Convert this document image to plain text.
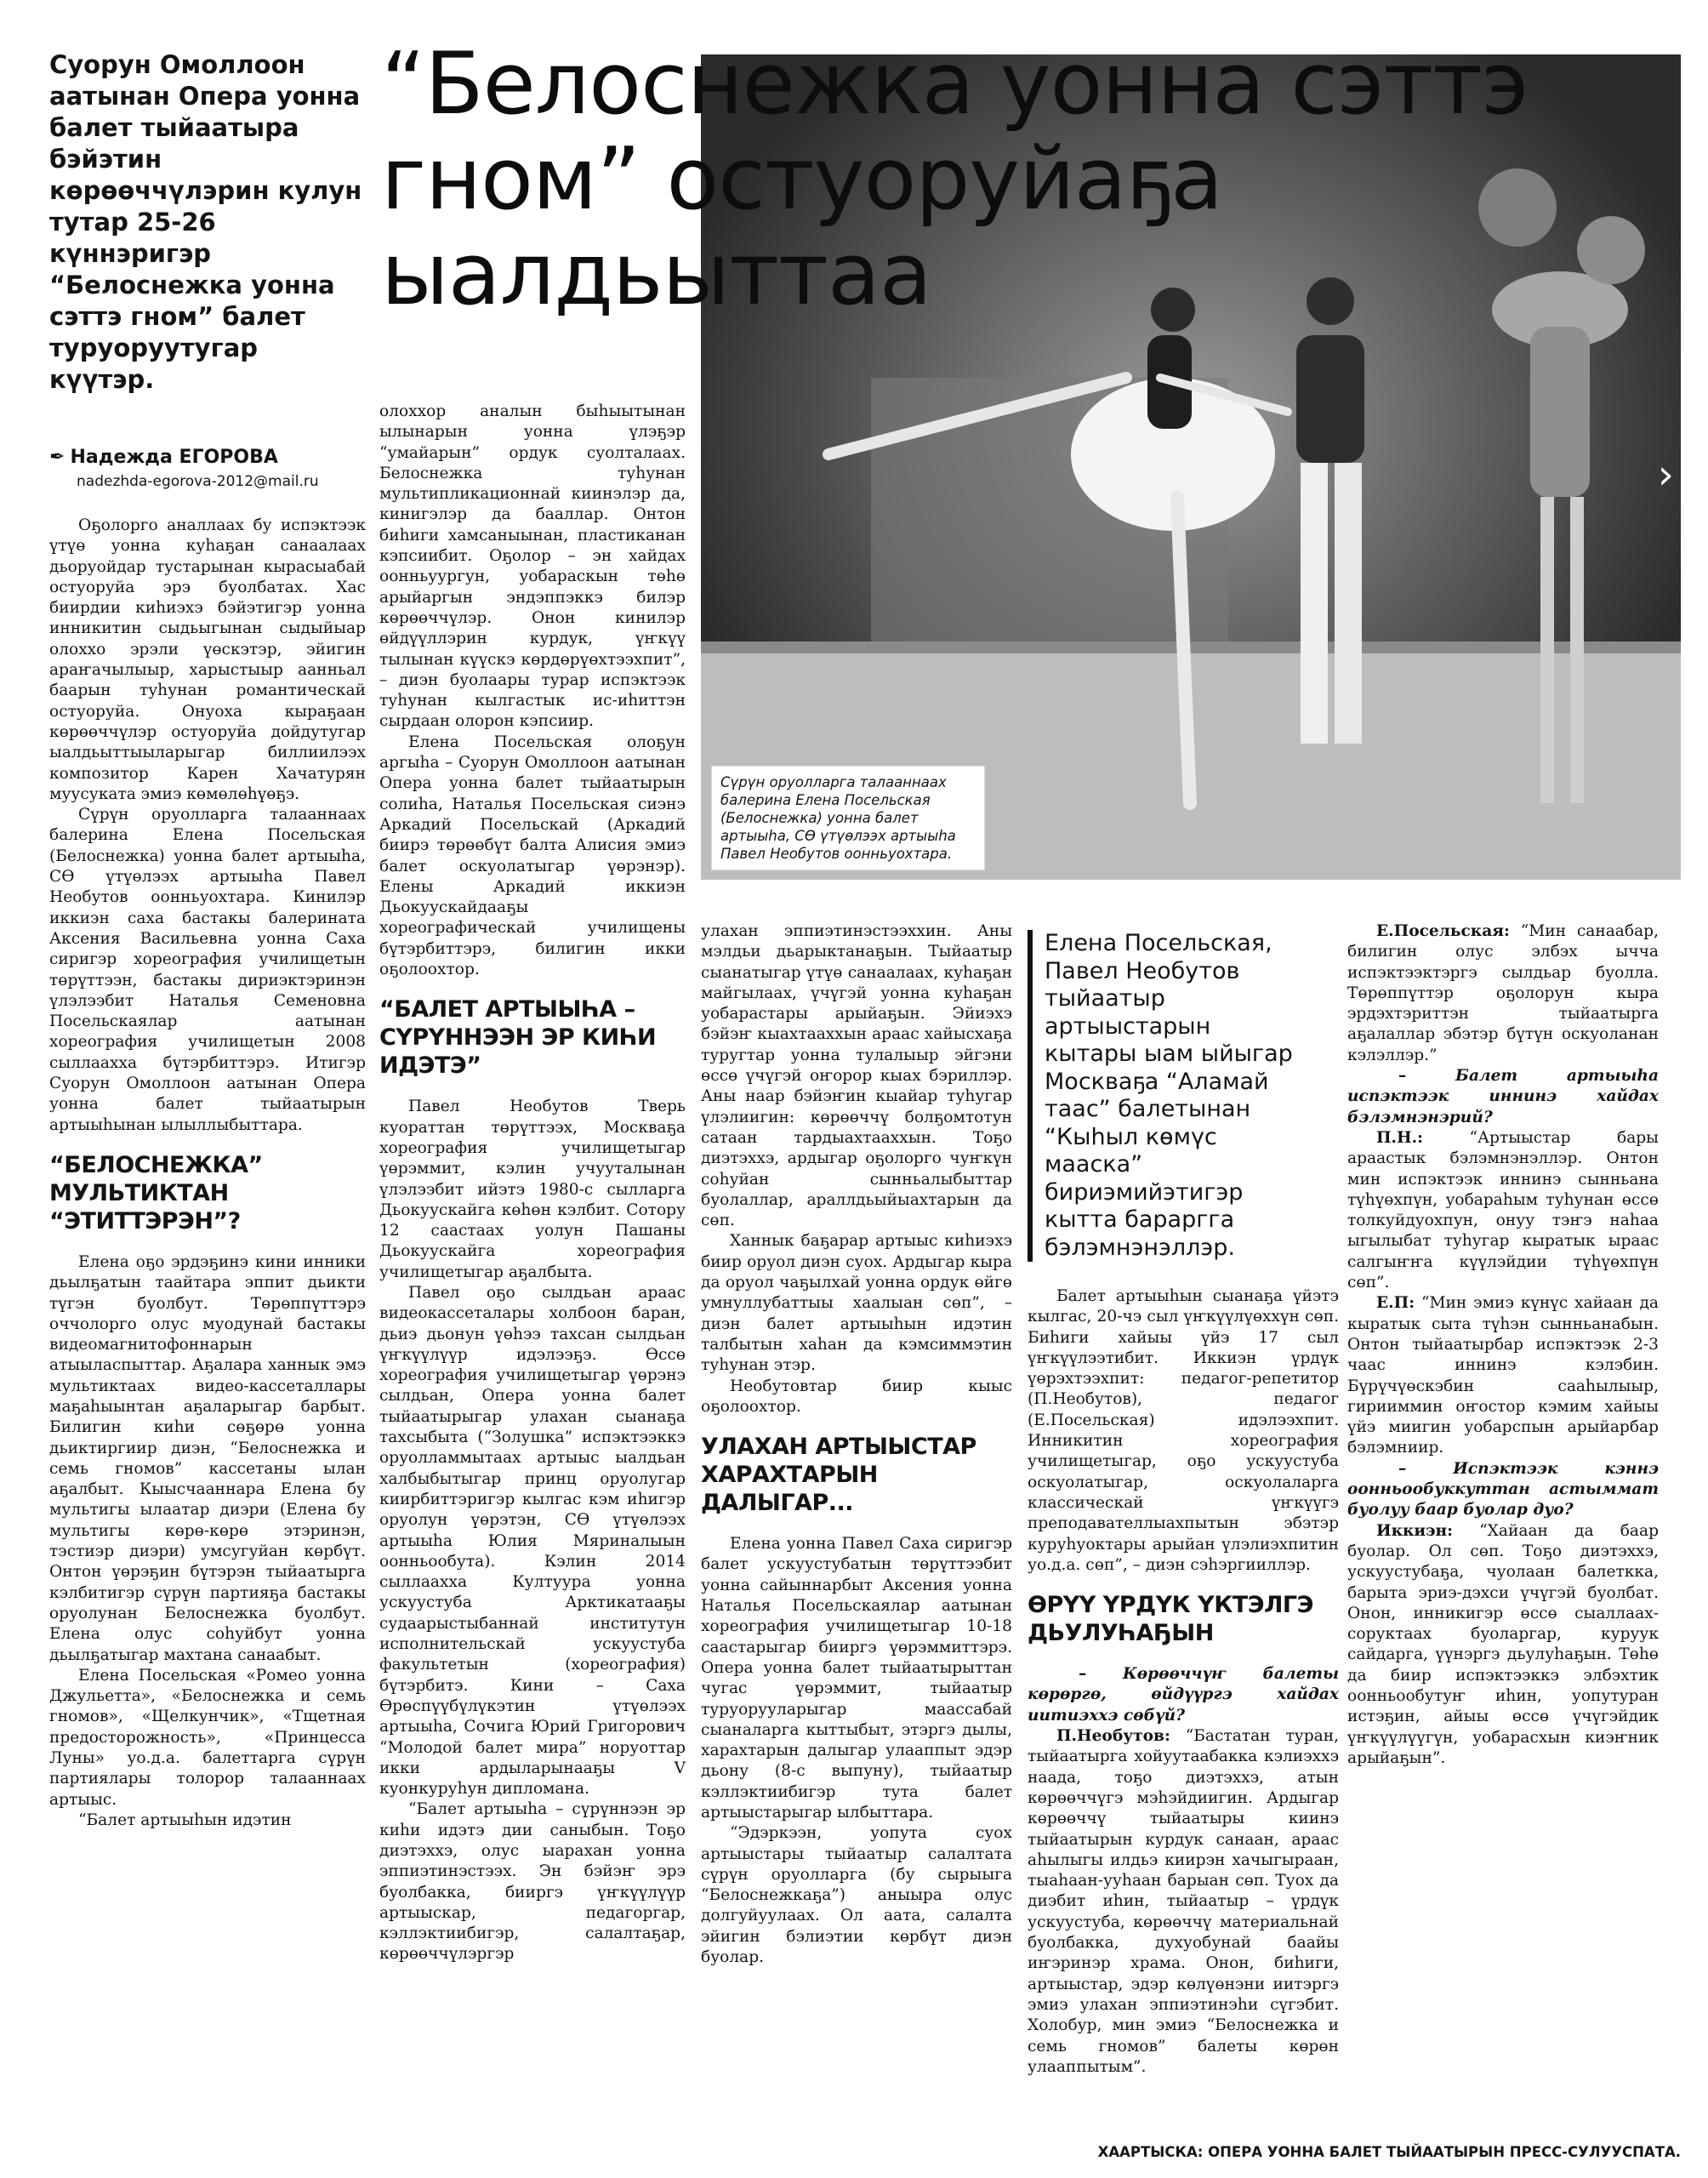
›
“Белоснежка уонна сэттэ гном” остуоруйаҕа ыалдьыттаа
Суорун Омоллоон аатынан Опера уонна балет тыйаатыра бэйэтин көрөөччүлэрин кулун тутар 25-26 күннэригэр “Белоснежка уонна сэттэ гном” балет туруоруутугар күүтэр.
✒ Надежда ЕГОРОВА
nadezhda-egorova-2012@mail.ru
Сүрүн оруолларга талааннаах балерина Елена Посельская (Белоснежка) уонна балет артыыһа, СӨ үтүөлээх артыыһа Павел Необутов оонньуохтара.

Оҕолорго аналлаах бу испэктээк үтүө уонна куһаҕан санаалаах дьоруойдар тустарынан кырасыабай остуоруйа эрэ буолбатах. Хас биирдии киһиэхэ бэйэтигэр уонна инникитин сыдьыгынан сыдыйыар олоххо эрэли үөскэтэр, эйигин араҥачылыыр, харыстыыр аанньал баарын туһунан романтическай остуоруйа. Онуоха кыраҕаан көрөөччүлэр остуоруйа дойдутугар ыалдьыттыыларыгар биллиилээх композитор Карен Хачатурян муусуката эмиэ көмөлөһүөҕэ.

Сүрүн оруолларга талааннаах балерина Елена Посельская (Белоснежка) уонна балет артыыһа, СӨ үтүөлээх артыыһа Павел Необутов оонньуохтара. Кинилэр иккиэн саха бастакы балерината Аксения Васильевна уонна Саха сиригэр хореография училищетын төрүттээн, бастакы дириэктэринэн үлэлээбит Наталья Семеновна Посельскаялар аатынан хореография училищетын 2008 сыллаахха бүтэрбиттэрэ. Итигэр Суорун Омоллоон аатынан Опера уонна балет тыйаатырын артыыһынан ылыллыбыттара.

“БЕЛОСНЕЖКА” МУЛЬТИКТАН “ЭТИТТЭРЭН”?

Елена оҕо эрдэҕинэ кини инники дьылҕатын таайтара эппит дьикти түгэн буолбут. Төрөппүттэрэ оччолорго олус муодунай бастакы видеомагнитофоннарын атыыласпыттар. Аҕалара ханнык эмэ мультиктаах видео-кассеталлары маҕаһыынтан аҕаларыгар барбыт. Билигин киһи сөҕөрө уонна дьиктиргиир диэн, “Белоснежка и семь гномов” кассетаны ылан аҕалбыт. Кыысчааннара Елена бу мультигы ылаатар диэри (Елена бу мультигы көрө-көрө этэринэн, тэстиэр диэри) умсугуйан көрбүт. Онтон үөрэҕин бүтэрэн тыйаатырга кэлбитигэр сүрүн партияҕа бастакы оруолунан Белоснежка буолбут. Елена олус соһуйбут уонна дьылҕатыгар махтана санаабыт.

Елена Посельская «Ромео уонна Джульетта», «Белоснежка и семь гномов», «Щелкунчик», «Тщетная предосторожность», «Принцесса Луны» уо.д.а. балеттарга сүрүн партиялары толорор талааннаах артыыс.

“Балет артыыһын идэтин

олоххор аналын быһыытынан ылынарын уонна үлэҕэр “умайарын” ордук суолталаах. Белоснежка туһунан мультипликационнай киинэлэр да, кинигэлэр да бааллар. Онтон биһиги хамсаныынан, пластиканан кэпсиибит. Оҕолор – эн хайдах оонньуургун, уобараскын төһө арыйаргын эндэппэккэ билэр көрөөччүлэр. Онон кинилэр өйдүүллэрин курдук, үҥкүү тылынан күүскэ көрдөрүөхтээхпит”, – диэн буолаары турар испэктээк туһунан кылгастык ис-иһиттэн сырдаан олорон кэпсиир.

Елена Посельская олоҕун аргыһа – Суорун Омоллоон аатынан Опера уонна балет тыйаатырын солиһа, Наталья Посельская сиэнэ Аркадий Посельскай (Аркадий биирэ төрөөбүт балта Алисия эмиэ балет оскуолатыгар үөрэнэр). Елены Аркадий иккиэн Дьокуускайдааҕы хореографическай училищены бүтэрбиттэрэ, билигин икки оҕолоохтор.

“БАЛЕТ АРТЫЫҺА – СҮРҮННЭЭН ЭР КИҺИ ИДЭТЭ”

Павел Необутов Тверь куораттан төрүттээх, Москваҕа хореография училищетыгар үөрэммит, кэлин учууталынан үлэлээбит ийэтэ 1980-с сылларга Дьокуускайга көһөн кэлбит. Сотору 12 саастаах уолун Пашаны Дьокуускайга хореография училищетыгар аҕалбыта.

Павел оҕо сылдьан араас видеокассеталары холбоон баран, дьиэ дьонун үөһээ тахсан сылдьан үҥкүүлүүр идэлээҕэ. Өссө хореография училищетыгар үөрэнэ сылдьан, Опера уонна балет тыйаатырыгар улахан сыанаҕа тахсыбыта (“Золушка” испэктээккэ оруолламмытаах артыыс ыалдьан халбыбытыгар принц оруолугар киирбиттэригэр кылгас кэм иһигэр оруолун үөрэтэн, СӨ үтүөлээх артыыһа Юлия Мяриналыын оонньообута). Кэлин 2014 сыллаахха Култуура уонна ускуустуба Арктикатааҕы судаарыстыбаннай институтун исполнительскай ускуустуба факультетын (хореография) бүтэрбитэ. Кини – Саха Өрөспүүбүлүкэтин үтүөлээх артыыһа, Сочига Юрий Григорович “Молодой балет мира” норуоттар икки ардыларынааҕы V куонкуруһун дипломана.

“Балет артыыһа – сүрүннээн эр киһи идэтэ дии саныбын. Тоҕо диэтэххэ, олус ыарахан уонна эппиэтинэстээх. Эн бэйэҥ эрэ буолбакка, бииргэ үҥкүүлүүр артыыскар, педагоргар, кэллэктиибигэр, салалтаҕар, көрөөччүлэргэр

улахан эппиэтинэстээххин. Аны мэлдьи дьарыктанаҕын. Тыйаатыр сыанатыгар үтүө санаалаах, куһаҕан майгылаах, үчүгэй уонна куһаҕан уобарастары арыйаҕын. Эйиэхэ бэйэҥ кыахтааххын араас хайысхаҕа туругтар уонна тулалыыр эйгэни өссө үчүгэй оҥорор кыах бэриллэр. Аны наар бэйэҥин кыайар туһугар үлэлиигин: көрөөччү болҕомтотун сатаан тардыахтааххын. Тоҕо диэтэххэ, ардыгар оҕолорго чуҥкүн соһуйан сынньалыбыттар буолаллар, араллдьыйыахтарын да сөп.

Ханнык баҕарар артыыс киһиэхэ биир оруол диэн суох. Ардыгар кыра да оруол чаҕылхай уонна ордук өйгө умнуллубаттыы хаалыан сөп”, – диэн балет артыыһын идэтин талбытын хаһан да кэмсиммэтин туһунан этэр.

Необутовтар биир кыыс оҕолоохтор.

УЛАХАН АРТЫЫСТАР ХАРАХТАРЫН ДАЛЫГАР...

Елена уонна Павел Саха сиригэр балет ускуустубатын төрүттээбит уонна сайыннарбыт Аксения уонна Наталья Посельскаялар аатынан хореография училищетыгар 10-18 саастарыгар бииргэ үөрэммиттэрэ. Опера уонна балет тыйаатырыттан чугас үөрэммит, тыйаатыр туруорууларыгар маассабай сыаналарга кыттыбыт, этэргэ дылы, харахтарын далыгар улааппыт эдэр дьону (8-с выпуну), тыйаатыр кэллэктиибигэр тута балет артыыстарыгар ылбыттара.

“Эдэркээн, уопута суох артыыстары тыйаатыр салалтата сүрүн оруолларга (бу сырыыга “Белоснежкаҕа”) аныыра олус долгуйуулаах. Ол аата, салалта эйигин бэлиэтии көрбүт диэн буолар.

Елена Посельская, Павел Необутов тыйаатыр артыыстарын кытары ыам ыйыгар Москваҕа “Аламай таас” балетынан “Кыһыл көмүс мааска” бириэмийэтигэр кытта бараргга бэлэмнэнэллэр.

Балет артыыһын сыанаҕа үйэтэ кылгас, 20-чэ сыл үҥкүүлүөххүн сөп. Биһиги хайыы үйэ 17 сыл үҥкүүлээтибит. Иккиэн үрдүк үөрэхтээхпит: педагог-репетитор (П.Необутов), педагог (Е.Посельская) идэлээхпит. Инникитин хореография училищетыгар, оҕо ускуустуба оскуолатыгар, оскуолаларга классическай үҥкүүгэ преподавателлыахпытын эбэтэр куруһуоктары арыйан үлэлиэхпитин уо.д.а. сөп”, – диэн сэһэргииллэр.

ӨРҮҮ ҮРДҮК ҮКТЭЛГЭ ДЬУЛУҺАҔЫН

– Көрөөччүҥ балеты көрөргө, өйдүүргэ хайдах иитиэххэ сөбүй?

П.Необутов: “Бастатан туран, тыйаатырга хойуутаабакка кэлиэххэ наада, тоҕо диэтэххэ, атын көрөөччүгэ мэһэйдиигин. Ардыгар көрөөччү тыйаатыры киинэ тыйаатырын курдук санаан, араас аһылыгы илдьэ киирэн хачыгыраан, тыаһаан-ууһаан барыан сөп. Туох да диэбит иһин, тыйаатыр – үрдүк ускуустуба, көрөөччү материальнай буолбакка, духуобунай баайы иҥэринэр храма. Онон, биһиги, артыыстар, эдэр көлүөнэни иитэргэ эмиэ улахан эппиэтинэһи сүгэбит. Холобур, мин эмиэ “Белоснежка и семь гномов” балеты көрөн улааппытым”.

Е.Посельская: “Мин санаабар, билигин олус элбэх ычча испэктээктэргэ сылдьар буолла. Төрөппүттэр оҕолорун кыра эрдэхтэриттэн тыйаатырга аҕалаллар эбэтэр бүтүн оскуоланан кэлэллэр.”

– Балет артыыһа испэктээк иннинэ хайдах бэлэмнэнэрий?

П.Н.:	“Артыыстар бары араастык бэлэмнэнэллэр. Онтон мин испэктээк иннинэ сынньана түһүөхпүн, уобараһым туһунан өссө толкуйдуохпун, онуу тэҥэ наһаа ыгылыбат туһугар кыратык ыраас салгыҥҥа күүлэйдии түһүөхпүн сөп”.

Е.П: “Мин эмиэ күнүс хайаан да кыратык сыта түһэн сынньанабын. Онтон тыйаатырбар испэктээк 2-3 чаас иннинэ кэлэбин. Бүрүчүөскэбин сааһылыыр, гирииммин оҥостор кэмим хайыы үйэ миигин уобарспын арыйарбар бэлэмниир.

– Испэктээк кэннэ оонньообуккуттан астыммат буолуу баар буолар дуо?

Иккиэн: “Хайаан да баар буолар. Ол сөп. Тоҕо диэтэххэ, ускуустубаҕа, чуолаан балеткка, барыта эриэ-дэхси үчүгэй буолбат. Онон, инникигэр өссө сыаллаах-соруктаах буоларгар, куруук сайдарга, үүнэргэ дьулуһаҕын. Төһө да биир испэктээккэ элбэхтик оонньообутуҥ иһин, уопутуран истэҕин, айыы өссө үчүгэйдик үҥкүүлүүгүн, уобарасхын киэҥник арыйаҕын”.

ХААРТЫСКА: ОПЕРА УОННА БАЛЕТ ТЫЙААТЫРЫН ПРЕСС-СУЛУУСПАТА.
